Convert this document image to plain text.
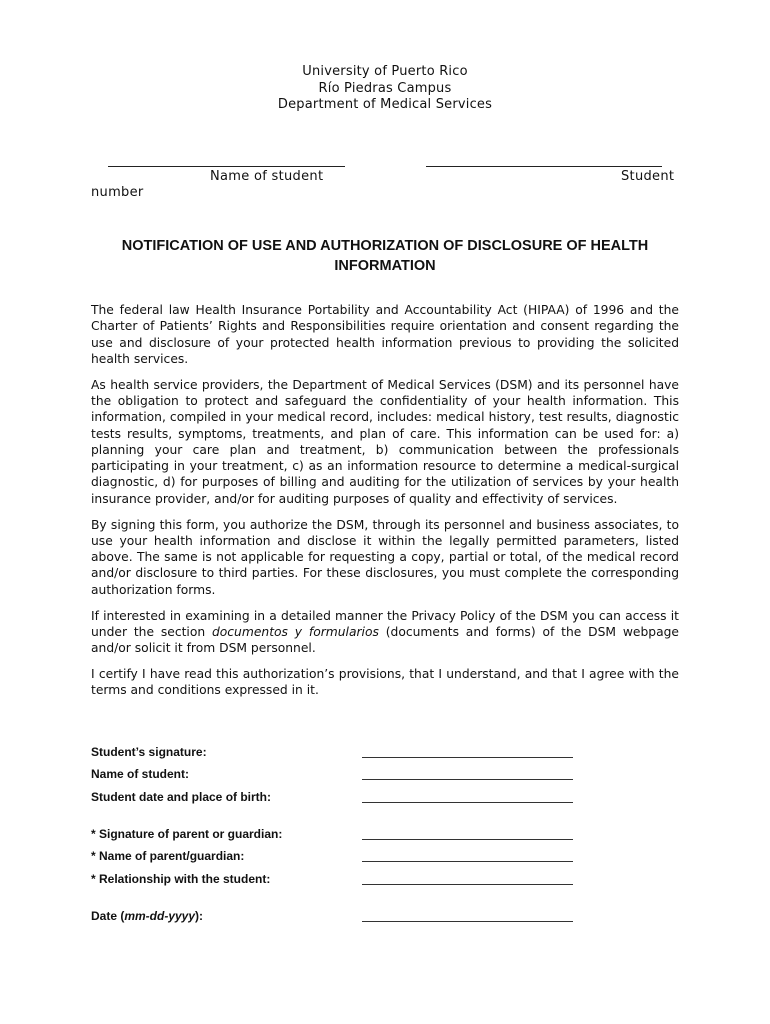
University of Puerto Rico
Río Piedras Campus
Department of Medical Services
Name of student	Student
number
NOTIFICATION OF USE AND AUTHORIZATION OF DISCLOSURE OF HEALTH INFORMATION

The federal law Health Insurance Portability and Accountability Act (HIPAA) of 1996 and the Charter of Patients’ Rights and Responsibilities require orientation and consent regarding the use and disclosure of your protected health information previous to providing the solicited health services.

As health service providers, the Department of Medical Services (DSM) and its personnel have the obligation to protect and safeguard the confidentiality of your health information. This information, compiled in your medical record, includes: medical history, test results, diagnostic tests results, symptoms, treatments, and plan of care. This information can be used for: a) planning your care plan and treatment, b) communication between the professionals participating in your treatment, c) as an information resource to determine a medical-surgical diagnostic, d) for purposes of billing and auditing for the utilization of services by your health insurance provider, and/or for auditing purposes of quality and effectivity of services.

By signing this form, you authorize the DSM, through its personnel and business associates, to use your health information and disclose it within the legally permitted parameters, listed above. The same is not applicable for requesting a copy, partial or total, of the medical record and/or disclosure to third parties. For these disclosures, you must complete the corresponding authorization forms.

If interested in examining in a detailed manner the Privacy Policy of the DSM you can access it under the section documentos y formularios (documents and forms) of the DSM webpage and/or solicit it from DSM personnel.

I certify I have read this authorization’s provisions, that I understand, and that I agree with the terms and conditions expressed in it.

Student’s signature:
Name of student:
Student date and place of birth:
* Signature of parent or guardian:
* Name of parent/guardian:
* Relationship with the student:
Date (mm-dd-yyyy):
